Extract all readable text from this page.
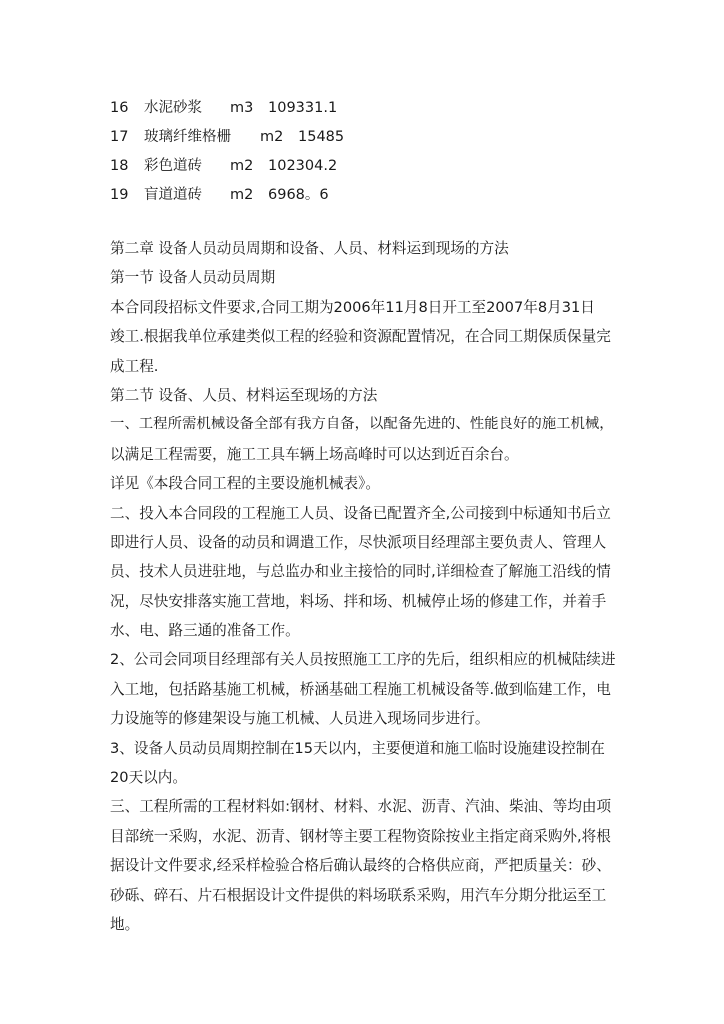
16 水泥砂浆 m3 109331.1
17 玻璃纤维格栅 m2 15485
18 彩色道砖 m2 102304.2
19 盲道道砖 m2 6968。6
第二章 设备人员动员周期和设备、人员、材料运到现场的方法
第一节 设备人员动员周期
本合同段招标文件要求,合同工期为2006年11月8日开工至2007年8月31日
竣工.根据我单位承建类似工程的经验和资源配置情况，在合同工期保质保量完
成工程.
第二节 设备、人员、材料运至现场的方法
一、工程所需机械设备全部有我方自备，以配备先进的、性能良好的施工机械，
以满足工程需要，施工工具车辆上场高峰时可以达到近百余台。
详见《本段合同工程的主要设施机械表》。
二、投入本合同段的工程施工人员、设备已配置齐全,公司接到中标通知书后立
即进行人员、设备的动员和调遣工作，尽快派项目经理部主要负责人、管理人
员、技术人员进驻地，与总监办和业主接恰的同时,详细检查了解施工沿线的情
况，尽快安排落实施工营地，料场、拌和场、机械停止场的修建工作，并着手
水、电、路三通的准备工作。
2、公司会同项目经理部有关人员按照施工工序的先后，组织相应的机械陆续进
入工地，包括路基施工机械，桥涵基础工程施工机械设备等.做到临建工作，电
力设施等的修建架设与施工机械、人员进入现场同步进行。
3、设备人员动员周期控制在15天以内，主要便道和施工临时设施建设控制在
20天以内。
三、工程所需的工程材料如:钢材、材料、水泥、沥青、汽油、柴油、等均由项
目部统一采购，水泥、沥青、钢材等主要工程物资除按业主指定商采购外,将根
据设计文件要求,经采样检验合格后确认最终的合格供应商，严把质量关：砂、
砂砾、碎石、片石根据设计文件提供的料场联系采购，用汽车分期分批运至工
地。
